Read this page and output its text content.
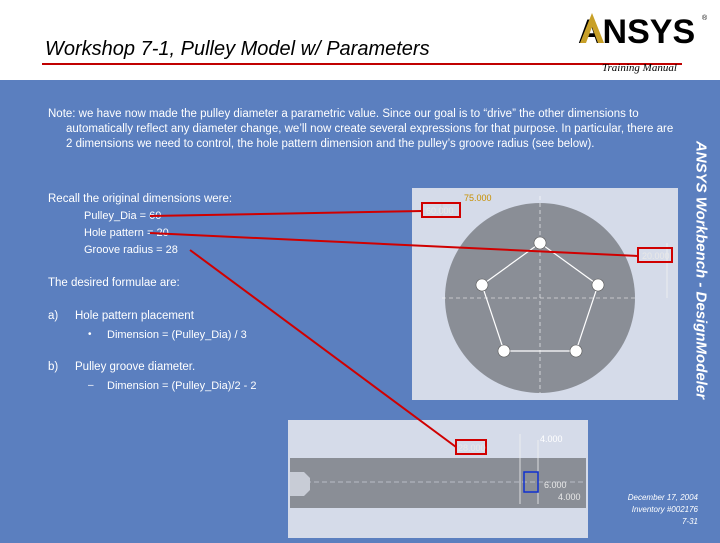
Workshop 7-1, Pulley Model w/ Parameters	ANSYS ®
Training Manual
ANSYS Workbench - DesignModeler
Note: we have now made the pulley diameter a parametric value. Since our goal is to “drive” the other dimensions to automatically reflect any diameter change, we’ll now create several expressions for that purpose. In particular, there are 2 dimensions we need to control, the hole pattern dimension and the pulley’s groove radius (see below).
Recall the original dimensions were:
Pulley_Dia = 60
Hole pattern = 20
Groove radius = 28
The desired formulae are:
a) Hole pattern placement
• Dimension = (Pulley_Dia) / 3
b) Pulley groove diameter.
– Dimension = (Pulley_Dia)/2 - 2
75.000
60.000
20.000
4.000
28.000
6.000
4.000	December 17, 2004
Inventory #002176
7-31
